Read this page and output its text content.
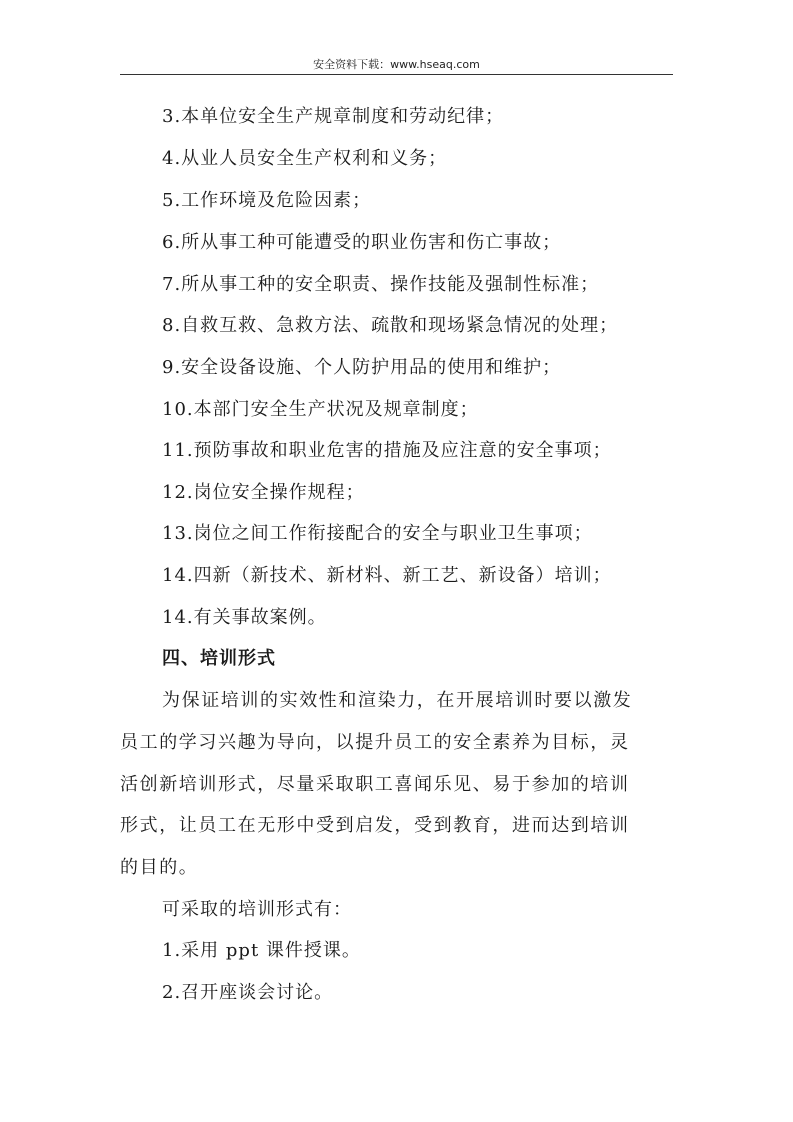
安全资料下载：www.hseaq.com
3.本单位安全生产规章制度和劳动纪律；
4.从业人员安全生产权利和义务；
5.工作环境及危险因素；
6.所从事工种可能遭受的职业伤害和伤亡事故；
7.所从事工种的安全职责、操作技能及强制性标准；
8.自救互救、急救方法、疏散和现场紧急情况的处理；
9.安全设备设施、个人防护用品的使用和维护；
10.本部门安全生产状况及规章制度；
11.预防事故和职业危害的措施及应注意的安全事项；
12.岗位安全操作规程；
13.岗位之间工作衔接配合的安全与职业卫生事项；
14.四新（新技术、新材料、新工艺、新设备）培训；
14.有关事故案例。
四、培训形式
为保证培训的实效性和渲染力，在开展培训时要以激发
员工的学习兴趣为导向，以提升员工的安全素养为目标，灵
活创新培训形式，尽量采取职工喜闻乐见、易于参加的培训
形式，让员工在无形中受到启发，受到教育，进而达到培训
的目的。
可采取的培训形式有：
1.采用 ppt 课件授课。
2.召开座谈会讨论。
